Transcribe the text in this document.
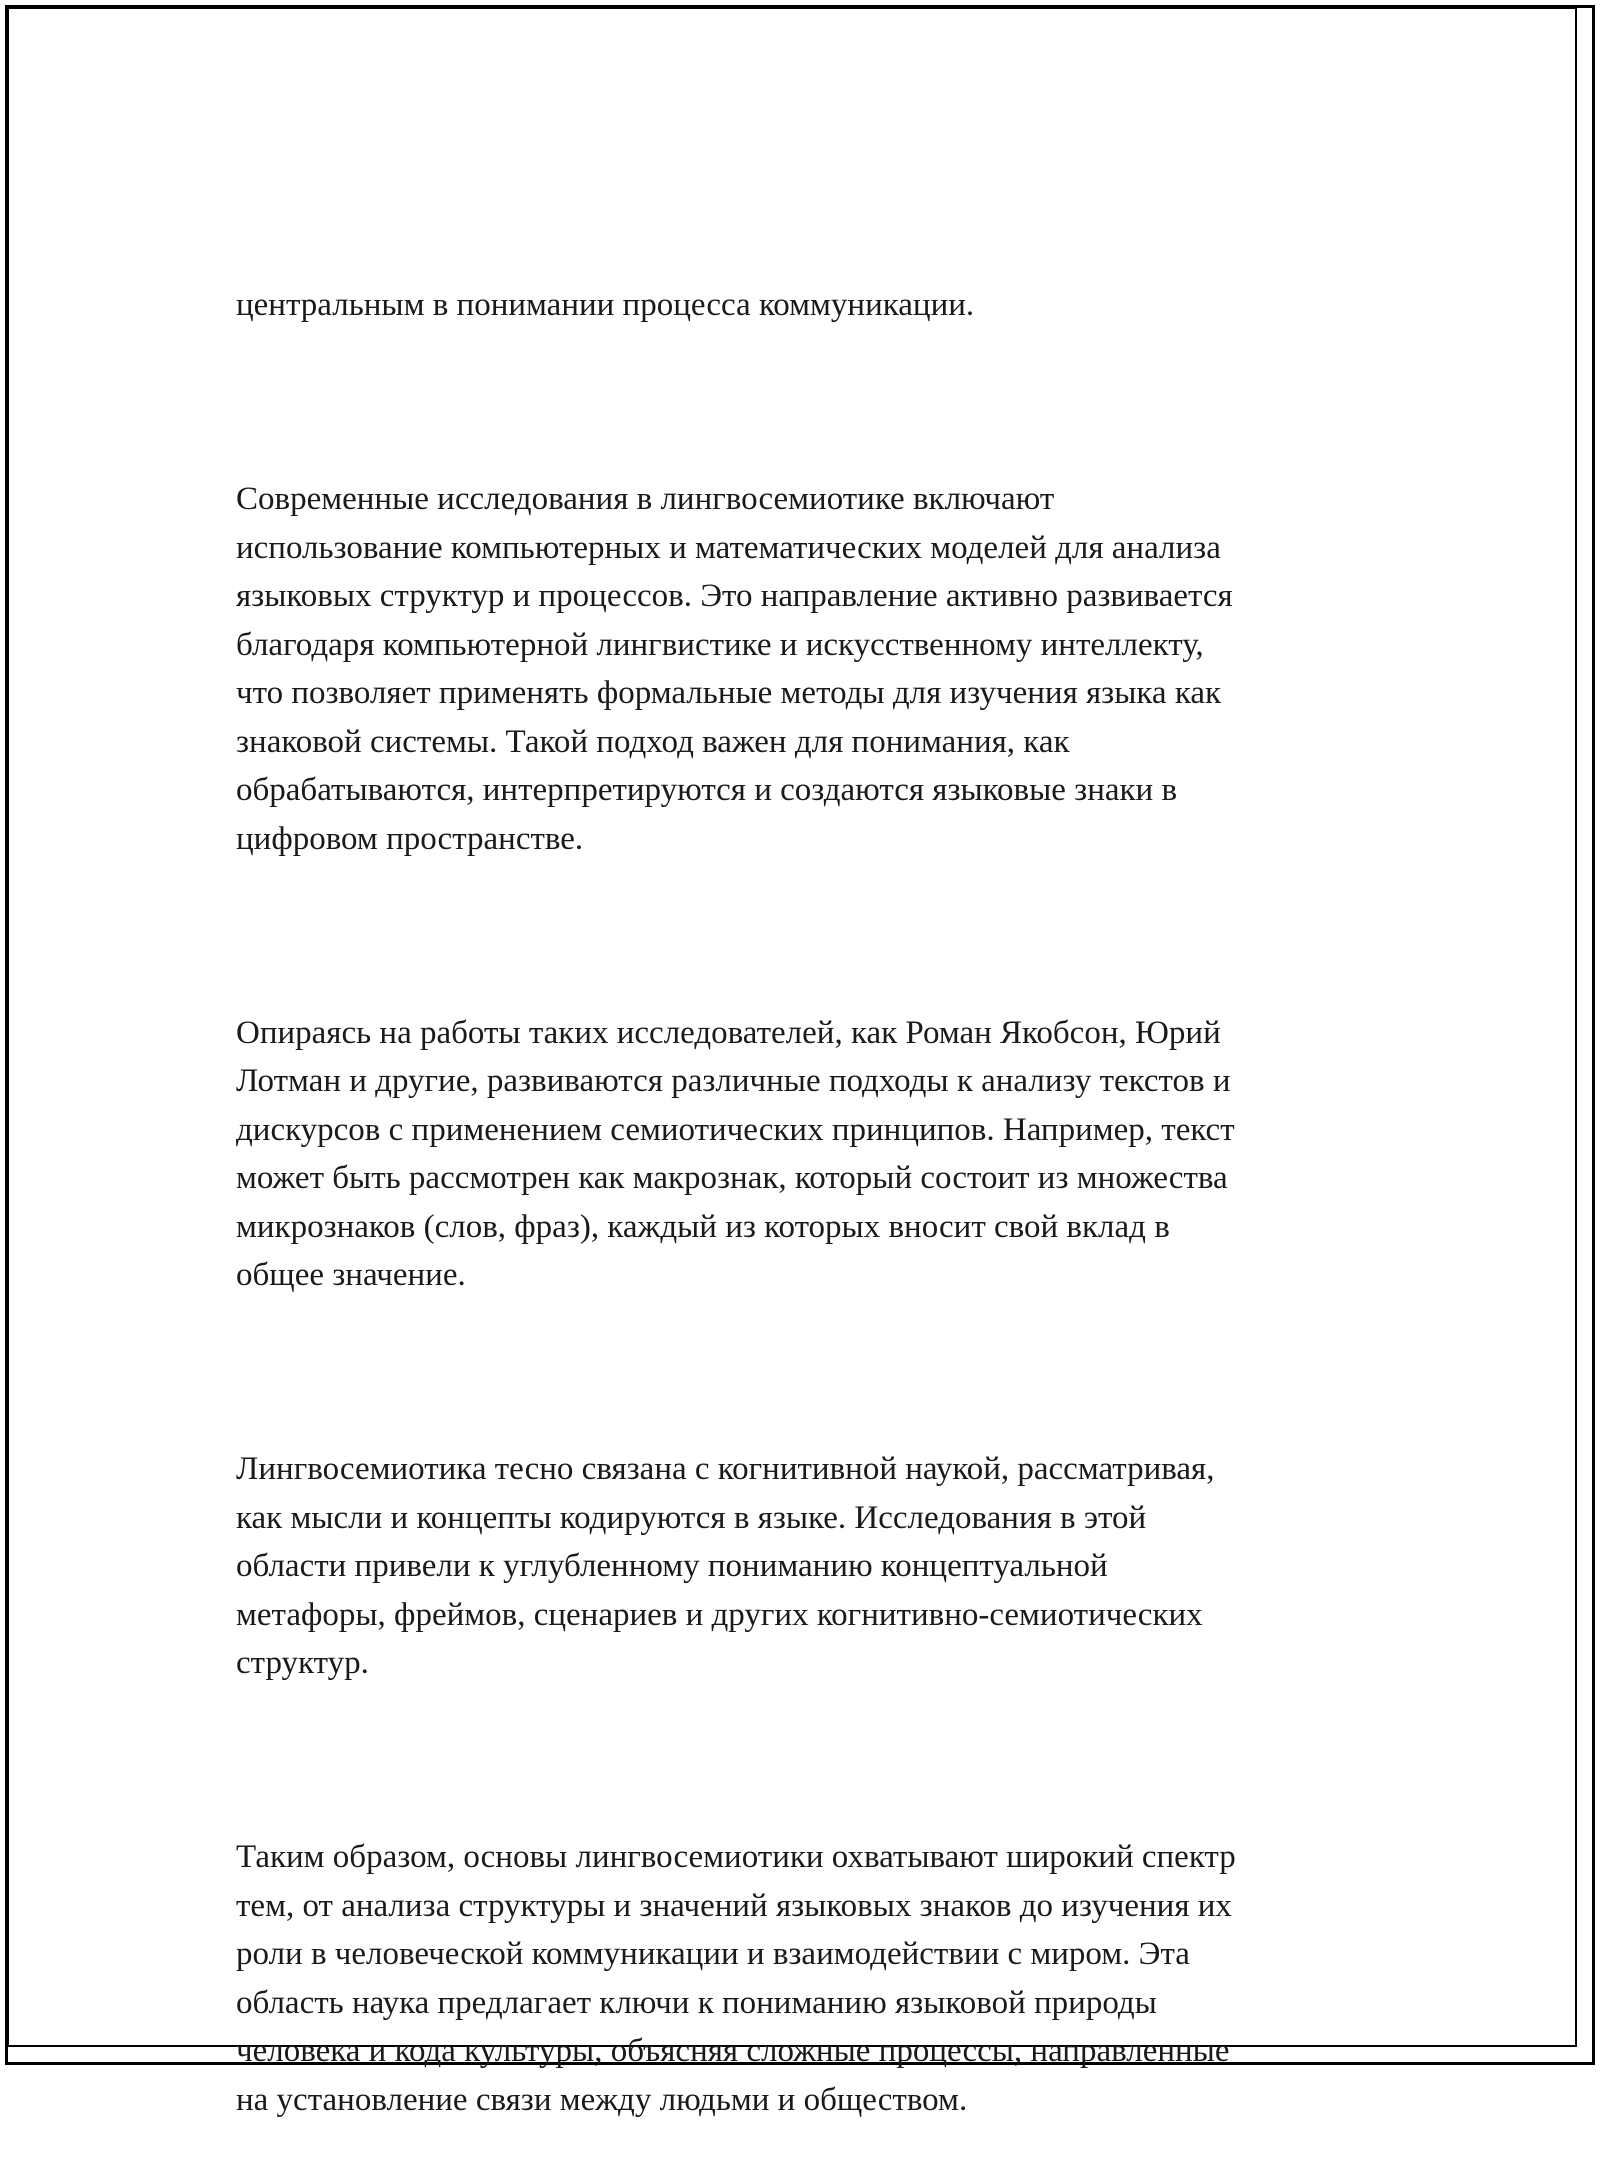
центральным в понимании процесса коммуникации.

Современные исследования в лингвосемиотике включают
использование компьютерных и математических моделей для анализа
языковых структур и процессов. Это направление активно развивается
благодаря компьютерной лингвистике и искусственному интеллекту,
что позволяет применять формальные методы для изучения языка как
знаковой системы. Такой подход важен для понимания, как
обрабатываются, интерпретируются и создаются языковые знаки в
цифровом пространстве.

Опираясь на работы таких исследователей, как Роман Якобсон, Юрий
Лотман и другие, развиваются различные подходы к анализу текстов и
дискурсов с применением семиотических принципов. Например, текст
может быть рассмотрен как макрознак, который состоит из множества
микрознаков (слов, фраз), каждый из которых вносит свой вклад в
общее значение.

Лингвосемиотика тесно связана с когнитивной наукой, рассматривая,
как мысли и концепты кодируются в языке. Исследования в этой
области привели к углубленному пониманию концептуальной
метафоры, фреймов, сценариев и других когнитивно-семиотических
структур.

Таким образом, основы лингвосемиотики охватывают широкий спектр
тем, от анализа структуры и значений языковых знаков до изучения их
роли в человеческой коммуникации и взаимодействии с миром. Эта
область наука предлагает ключи к пониманию языковой природы
человека и кода культуры, объясняя сложные процессы, направленные
на установление связи между людьми и обществом.
